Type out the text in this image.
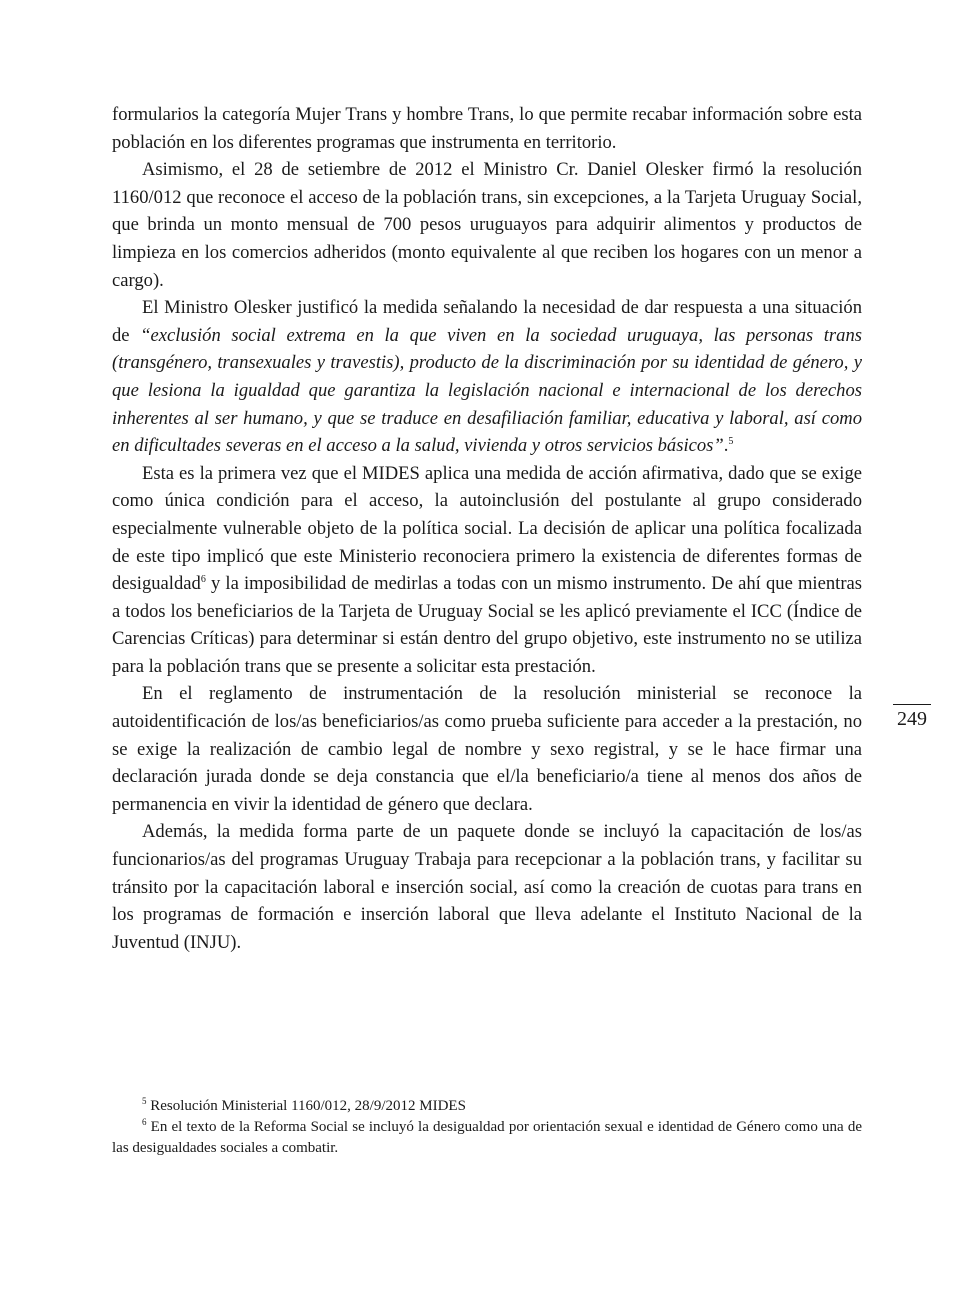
formularios la categoría Mujer Trans y hombre Trans, lo que permite recabar información sobre esta población en los diferentes programas que instrumenta en territorio.

Asimismo, el 28 de setiembre de 2012 el Ministro Cr. Daniel Olesker firmó la resolución 1160/012 que reconoce el acceso de la población trans, sin excepciones, a la Tarjeta Uruguay Social, que brinda un monto mensual de 700 pesos uruguayos para adquirir alimentos y productos de limpieza en los comercios adheridos (monto equivalente al que reciben los hogares con un menor a cargo).

El Ministro Olesker justificó la medida señalando la necesidad de dar respuesta a una situación de “exclusión social extrema en la que viven en la sociedad uruguaya, las personas trans (transgénero, transexuales y travestis), producto de la discriminación por su identidad de género, y que lesiona la igualdad que garantiza la legislación nacional e internacional de los derechos inherentes al ser humano, y que se traduce en desafiliación familiar, educativa y laboral, así como en dificultades severas en el acceso a la salud, vivienda y otros servicios básicos”.$^5$

Esta es la primera vez que el MIDES aplica una medida de acción afirmativa, dado que se exige como única condición para el acceso, la autoinclusión del postulante al grupo considerado especialmente vulnerable objeto de la política social. La decisión de aplicar una política focalizada de este tipo implicó que este Ministerio reconociera primero la existencia de diferentes formas de desigualdad$^6$ y la imposibilidad de medirlas a todas con un mismo instrumento. De ahí que mientras a todos los beneficiarios de la Tarjeta de Uruguay Social se les aplicó previamente el ICC (Índice de Carencias Críticas) para determinar si están dentro del grupo objetivo, este instrumento no se utiliza para la población trans que se presente a solicitar esta prestación.

En el reglamento de instrumentación de la resolución ministerial se reconoce la autoidentificación de los/as beneficiarios/as como prueba suficiente para acceder a la prestación, no se exige la realización de cambio legal de nombre y sexo registral, y se le hace firmar una declaración jurada donde se deja constancia que el/la beneficiario/a tiene al menos dos años de permanencia en vivir la identidad de género que declara.

Además, la medida forma parte de un paquete donde se incluyó la capacitación de los/as funcionarios/as del programas Uruguay Trabaja para recepcionar a la población trans, y facilitar su tránsito por la capacitación laboral e inserción social, así como la creación de cuotas para trans en los programas de formación e inserción laboral que lleva adelante el Instituto Nacional de la Juventud (INJU).

249

$^5$ Resolución Ministerial 1160/012, 28/9/2012 MIDES

$^6$ En el texto de la Reforma Social se incluyó la desigualdad por orientación sexual e identidad de Género como una de las desigualdades sociales a combatir.
